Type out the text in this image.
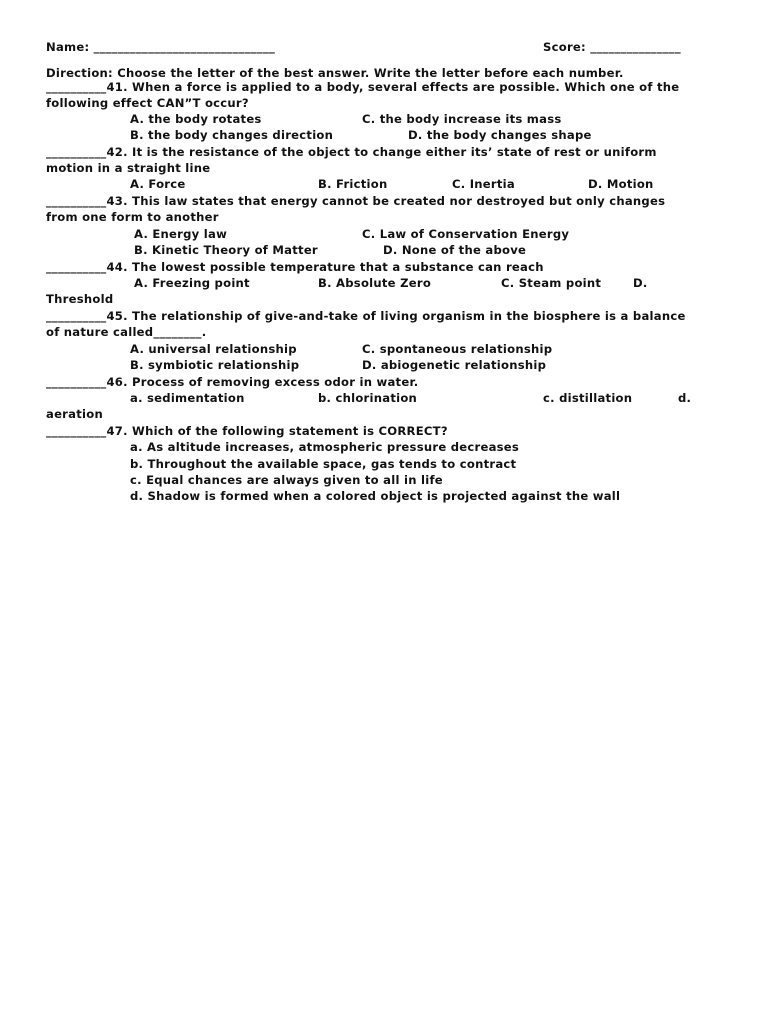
Name: ______________________________	Score: _______________
Direction: Choose the letter of the best answer. Write the letter before each number.
__________41. When a force is applied to a body, several effects are possible. Which one of the
following effect CAN”T occur?
A. the body rotates	C. the body increase its mass
B. the body changes direction	D. the body changes shape
__________42. It is the resistance of the object to change either its’ state of rest or uniform
motion in a straight line
A. Force	B. Friction	C. Inertia	D. Motion
__________43. This law states that energy cannot be created nor destroyed but only changes
from one form to another
A. Energy law	C. Law of Conservation Energy
B. Kinetic Theory of Matter	D. None of the above
__________44. The lowest possible temperature that a substance can reach
A. Freezing point	B. Absolute Zero	C. Steam point	D.
Threshold
__________45. The relationship of give-and-take of living organism in the biosphere is a balance
of nature called________.
A. universal relationship	C. spontaneous relationship
B. symbiotic relationship	D. abiogenetic relationship
__________46. Process of removing excess odor in water.
a. sedimentation	b. chlorination	c. distillation	d.
aeration
__________47. Which of the following statement is CORRECT?
a. As altitude increases, atmospheric pressure decreases
b. Throughout the available space, gas tends to contract
c. Equal chances are always given to all in life
d. Shadow is formed when a colored object is projected against the wall
